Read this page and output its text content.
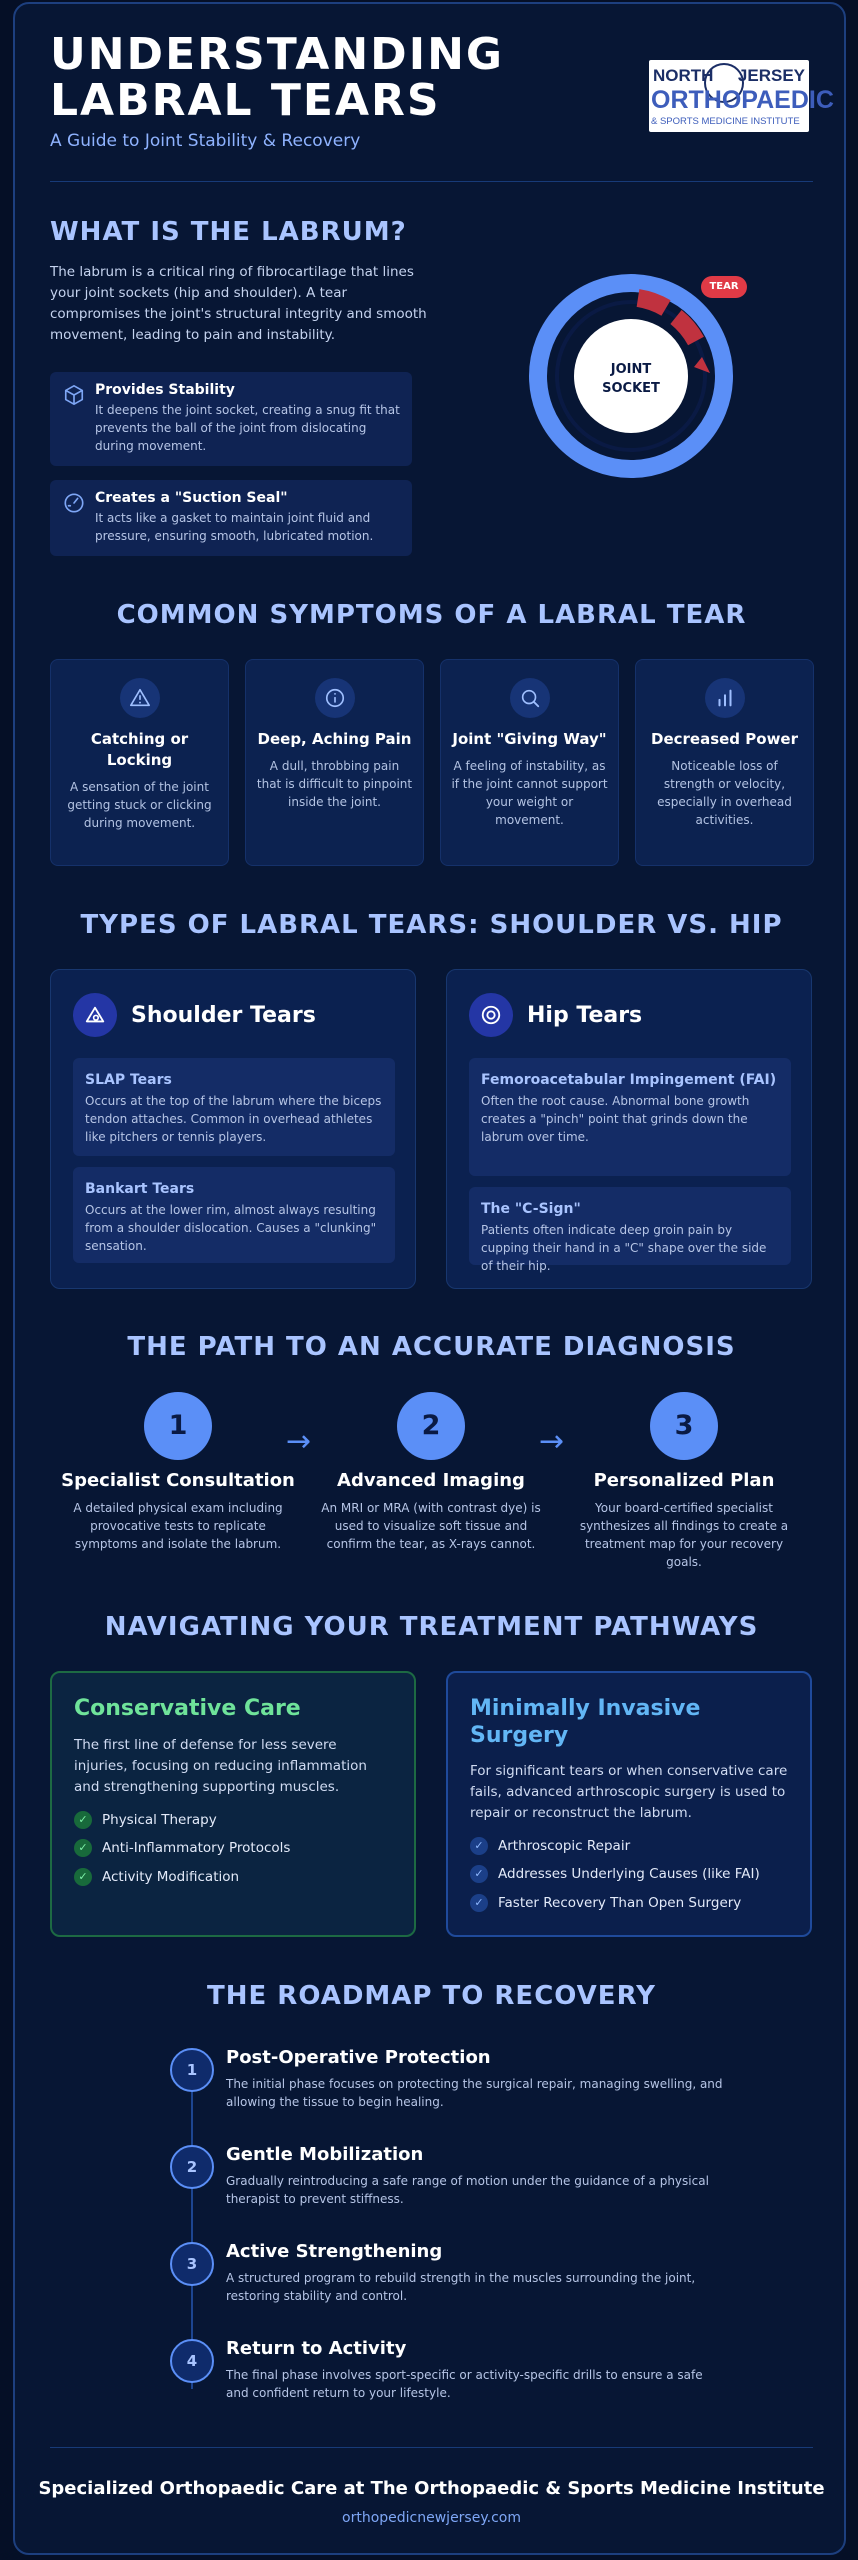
UNDERSTANDING
LABRAL TEARS
A Guide to Joint Stability & Recovery
NORTH JERSEY
ORTHOPAEDIC
& SPORTS MEDICINE INSTITUTE
WHAT IS THE LABRUM?
The labrum is a critical ring of fibrocartilage that lines your joint sockets (hip and shoulder). A tear compromises the joint's structural integrity and smooth movement, leading to pain and instability.
Provides Stability
It deepens the joint socket, creating a snug fit that prevents the ball of the joint from dislocating during movement.
Creates a "Suction Seal"
It acts like a gasket to maintain joint fluid and pressure, ensuring smooth, lubricated motion.
JOINT
SOCKET
TEAR
COMMON SYMPTOMS OF A LABRAL TEAR
Catching or Locking
A sensation of the joint getting stuck or clicking during movement.
Deep, Aching Pain
A dull, throbbing pain that is difficult to pinpoint inside the joint.
Joint "Giving Way"
A feeling of instability, as if the joint cannot support your weight or movement.
Decreased Power
Noticeable loss of strength or velocity, especially in overhead activities.
TYPES OF LABRAL TEARS: SHOULDER VS. HIP
Shoulder Tears
SLAP Tears
Occurs at the top of the labrum where the biceps tendon attaches. Common in overhead athletes like pitchers or tennis players.
Bankart Tears
Occurs at the lower rim, almost always resulting from a shoulder dislocation. Causes a "clunking" sensation.
Hip Tears
Femoroacetabular Impingement (FAI)
Often the root cause. Abnormal bone growth creates a "pinch" point that grinds down the labrum over time.
The "C-Sign"
Patients often indicate deep groin pain by cupping their hand in a "C" shape over the side of their hip.
THE PATH TO AN ACCURATE DIAGNOSIS
1
Specialist Consultation
A detailed physical exam including provocative tests to replicate symptoms and isolate the labrum.
→	2
Advanced Imaging
An MRI or MRA (with contrast dye) is used to visualize soft tissue and confirm the tear, as X-rays cannot.
→	3
Personalized Plan
Your board-certified specialist synthesizes all findings to create a treatment map for your recovery goals.
NAVIGATING YOUR TREATMENT PATHWAYS
Conservative Care
The first line of defense for less severe injuries, focusing on reducing inflammation and strengthening supporting muscles.
✓	Physical Therapy
✓	Anti-Inflammatory Protocols
✓	Activity Modification
Minimally Invasive Surgery
For significant tears or when conservative care fails, advanced arthroscopic surgery is used to repair or reconstruct the labrum.
✓	Arthroscopic Repair
✓	Addresses Underlying Causes (like FAI)
✓	Faster Recovery Than Open Surgery
THE ROADMAP TO RECOVERY
1
Post-Operative Protection
The initial phase focuses on protecting the surgical repair, managing swelling, and allowing the tissue to begin healing.
2
Gentle Mobilization
Gradually reintroducing a safe range of motion under the guidance of a physical therapist to prevent stiffness.
3
Active Strengthening
A structured program to rebuild strength in the muscles surrounding the joint, restoring stability and control.
4
Return to Activity
The final phase involves sport-specific or activity-specific drills to ensure a safe and confident return to your lifestyle.
Specialized Orthopaedic Care at The Orthopaedic & Sports Medicine Institute
orthopedicnewjersey.com
